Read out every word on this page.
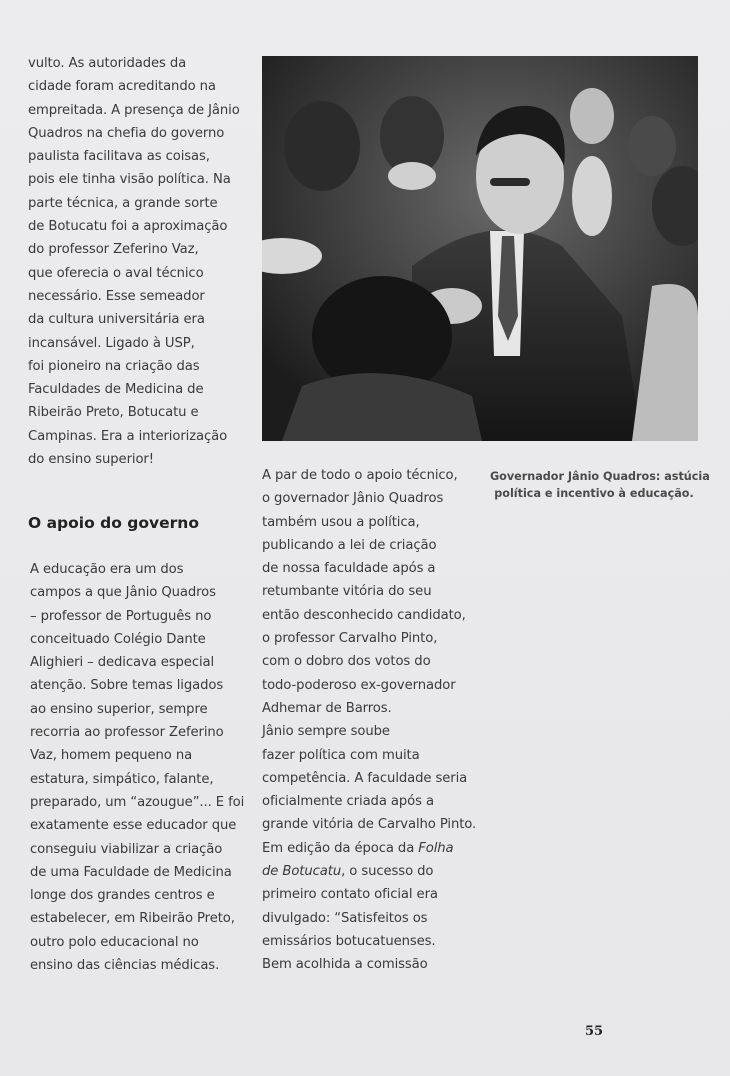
vulto. As autoridades da
cidade foram acreditando na
empreitada. A presença de Jânio
Quadros na chefia do governo
paulista facilitava as coisas,
pois ele tinha visão política. Na
parte técnica, a grande sorte
de Botucatu foi a aproximação
do professor Zeferino Vaz,
que oferecia o aval técnico
necessário. Esse semeador
da cultura universitária era
incansável. Ligado à USP,
foi pioneiro na criação das
Faculdades de Medicina de
Ribeirão Preto, Botucatu e
Campinas. Era a interiorização
do ensino superior!
O apoio do governo
A educação era um dos
campos a que Jânio Quadros
– professor de Português no
conceituado Colégio Dante
Alighieri – dedicava especial
atenção. Sobre temas ligados
ao ensino superior, sempre
recorria ao professor Zeferino
Vaz, homem pequeno na
estatura, simpático, falante,
preparado, um “azougue”... E foi
exatamente esse educador que
conseguiu viabilizar a criação
de uma Faculdade de Medicina
longe dos grandes centros e
estabelecer, em Ribeirão Preto,
outro polo educacional no
ensino das ciências médicas.
A par de todo o apoio técnico,
o governador Jânio Quadros
também usou a política,
publicando a lei de criação
de nossa faculdade após a
retumbante vitória do seu
então desconhecido candidato,
o professor Carvalho Pinto,
com o dobro dos votos do
todo-poderoso ex-governador
Adhemar de Barros.
Jânio sempre soube
fazer política com muita
competência. A faculdade seria
oficialmente criada após a
grande vitória de Carvalho Pinto.
Em edição da época da Folha
de Botucatu, o sucesso do
primeiro contato oficial era
divulgado: “Satisfeitos os
emissários botucatuenses.
Bem acolhida a comissão
Governador Jânio Quadros: astúcia
política e incentivo à educação.
55
